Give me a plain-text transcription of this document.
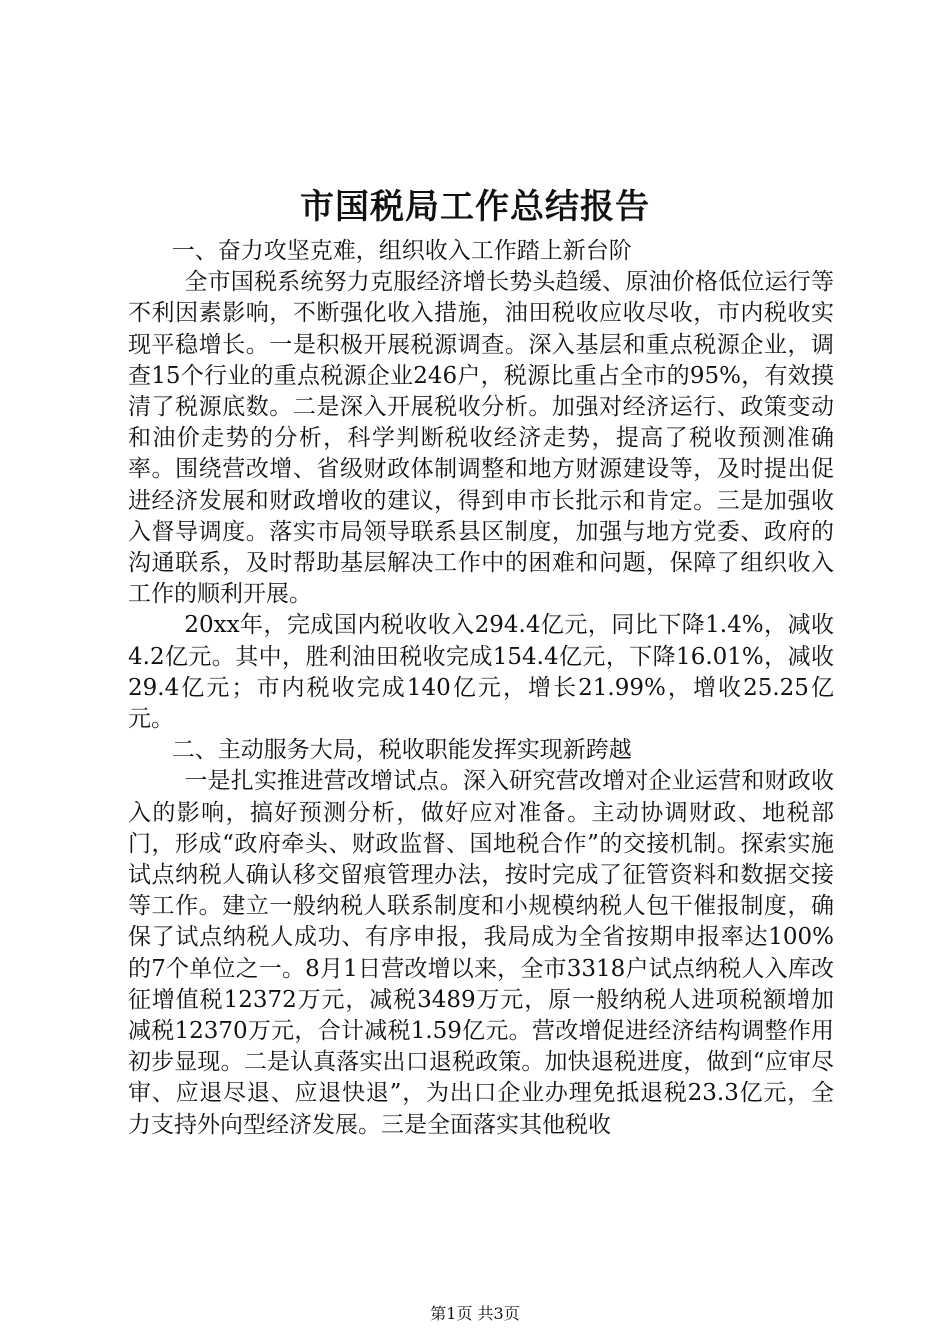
市国税局工作总结报告

一、奋力攻坚克难，组织收入工作踏上新台阶

全市国税系统努力克服经济增长势头趋缓、原油价格低位运行等不利因素影响，不断强化收入措施，油田税收应收尽收，市内税收实现平稳增长。一是积极开展税源调查。深入基层和重点税源企业，调查15个行业的重点税源企业246户，税源比重占全市的95%，有效摸清了税源底数。二是深入开展税收分析。加强对经济运行、政策变动和油价走势的分析，科学判断税收经济走势，提高了税收预测准确率。围绕营改增、省级财政体制调整和地方财源建设等，及时提出促进经济发展和财政增收的建议，得到申市长批示和肯定。三是加强收入督导调度。落实市局领导联系县区制度，加强与地方党委、政府的沟通联系，及时帮助基层解决工作中的困难和问题，保障了组织收入工作的顺利开展。

20xx年，完成国内税收收入294.4亿元，同比下降1.4%，减收4.2亿元。其中，胜利油田税收完成154.4亿元，下降16.01%，减收29.4亿元；市内税收完成140亿元，增长21.99%，增收25.25亿元。

二、主动服务大局，税收职能发挥实现新跨越

一是扎实推进营改增试点。深入研究营改增对企业运营和财政收入的影响，搞好预测分析，做好应对准备。主动协调财政、地税部门，形成“政府牵头、财政监督、国地税合作”的交接机制。探索实施试点纳税人确认移交留痕管理办法，按时完成了征管资料和数据交接等工作。建立一般纳税人联系制度和小规模纳税人包干催报制度，确保了试点纳税人成功、有序申报，我局成为全省按期申报率达100%的7个单位之一。8月1日营改增以来，全市3318户试点纳税人入库改征增值税12372万元，减税3489万元，原一般纳税人进项税额增加减税12370万元，合计减税1.59亿元。营改增促进经济结构调整作用初步显现。二是认真落实出口退税政策。加快退税进度，做到“应审尽审、应退尽退、应退快退”，为出口企业办理免抵退税23.3亿元，全力支持外向型经济发展。三是全面落实其他税收

第1页 共3页
